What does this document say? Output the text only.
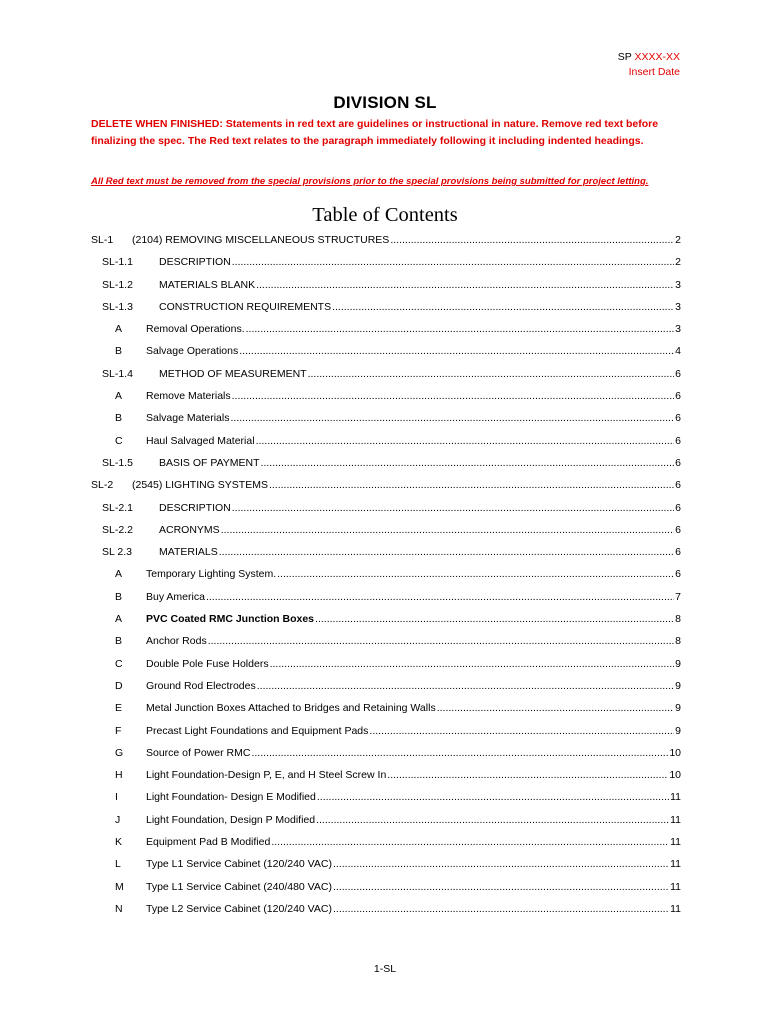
SP XXXX-XX
Insert Date
DIVISION SL
DELETE WHEN FINISHED: Statements in red text are guidelines or instructional in nature. Remove red text before finalizing the spec. The Red text relates to the paragraph immediately following it including indented headings.
All Red text must be removed from the special provisions prior to the special provisions being submitted for project letting.
Table of Contents
SL-1 (2104) REMOVING MISCELLANEOUS STRUCTURES .....	2
SL-1.1 DESCRIPTION .....	2
SL-1.2 MATERIALS BLANK .....	3
SL-1.3 CONSTRUCTION REQUIREMENTS .....	3
A Removal Operations. .....	3
B Salvage Operations .....	4
SL-1.4 METHOD OF MEASUREMENT .....	6
A Remove Materials .....	6
B Salvage Materials .....	6
C Haul Salvaged Material .....	6
SL-1.5 BASIS OF PAYMENT .....	6
SL-2 (2545) LIGHTING SYSTEMS .....	6
SL-2.1 DESCRIPTION .....	6
SL-2.2 ACRONYMS .....	6
SL 2.3	MATERIALS .....	6
A Temporary Lighting System. .....	6
B Buy America .....	7
A PVC Coated RMC Junction Boxes .....	8
B Anchor Rods .....	8
C Double Pole Fuse Holders .....	9
D Ground Rod Electrodes .....	9
E Metal Junction Boxes Attached to Bridges and Retaining Walls .....	9
F Precast Light Foundations and Equipment Pads .....	9
G Source of Power RMC .....	10
H Light Foundation-Design P, E, and H Steel Screw In .....	10
I	Light Foundation- Design E Modified .....	11
J Light Foundation, Design P Modified .....	11
K Equipment Pad B Modified .....	11
L Type L1 Service Cabinet (120/240 VAC) .....	11
M Type L1 Service Cabinet (240/480 VAC) .....	11
N Type L2 Service Cabinet (120/240 VAC) .....	11
1-SL
